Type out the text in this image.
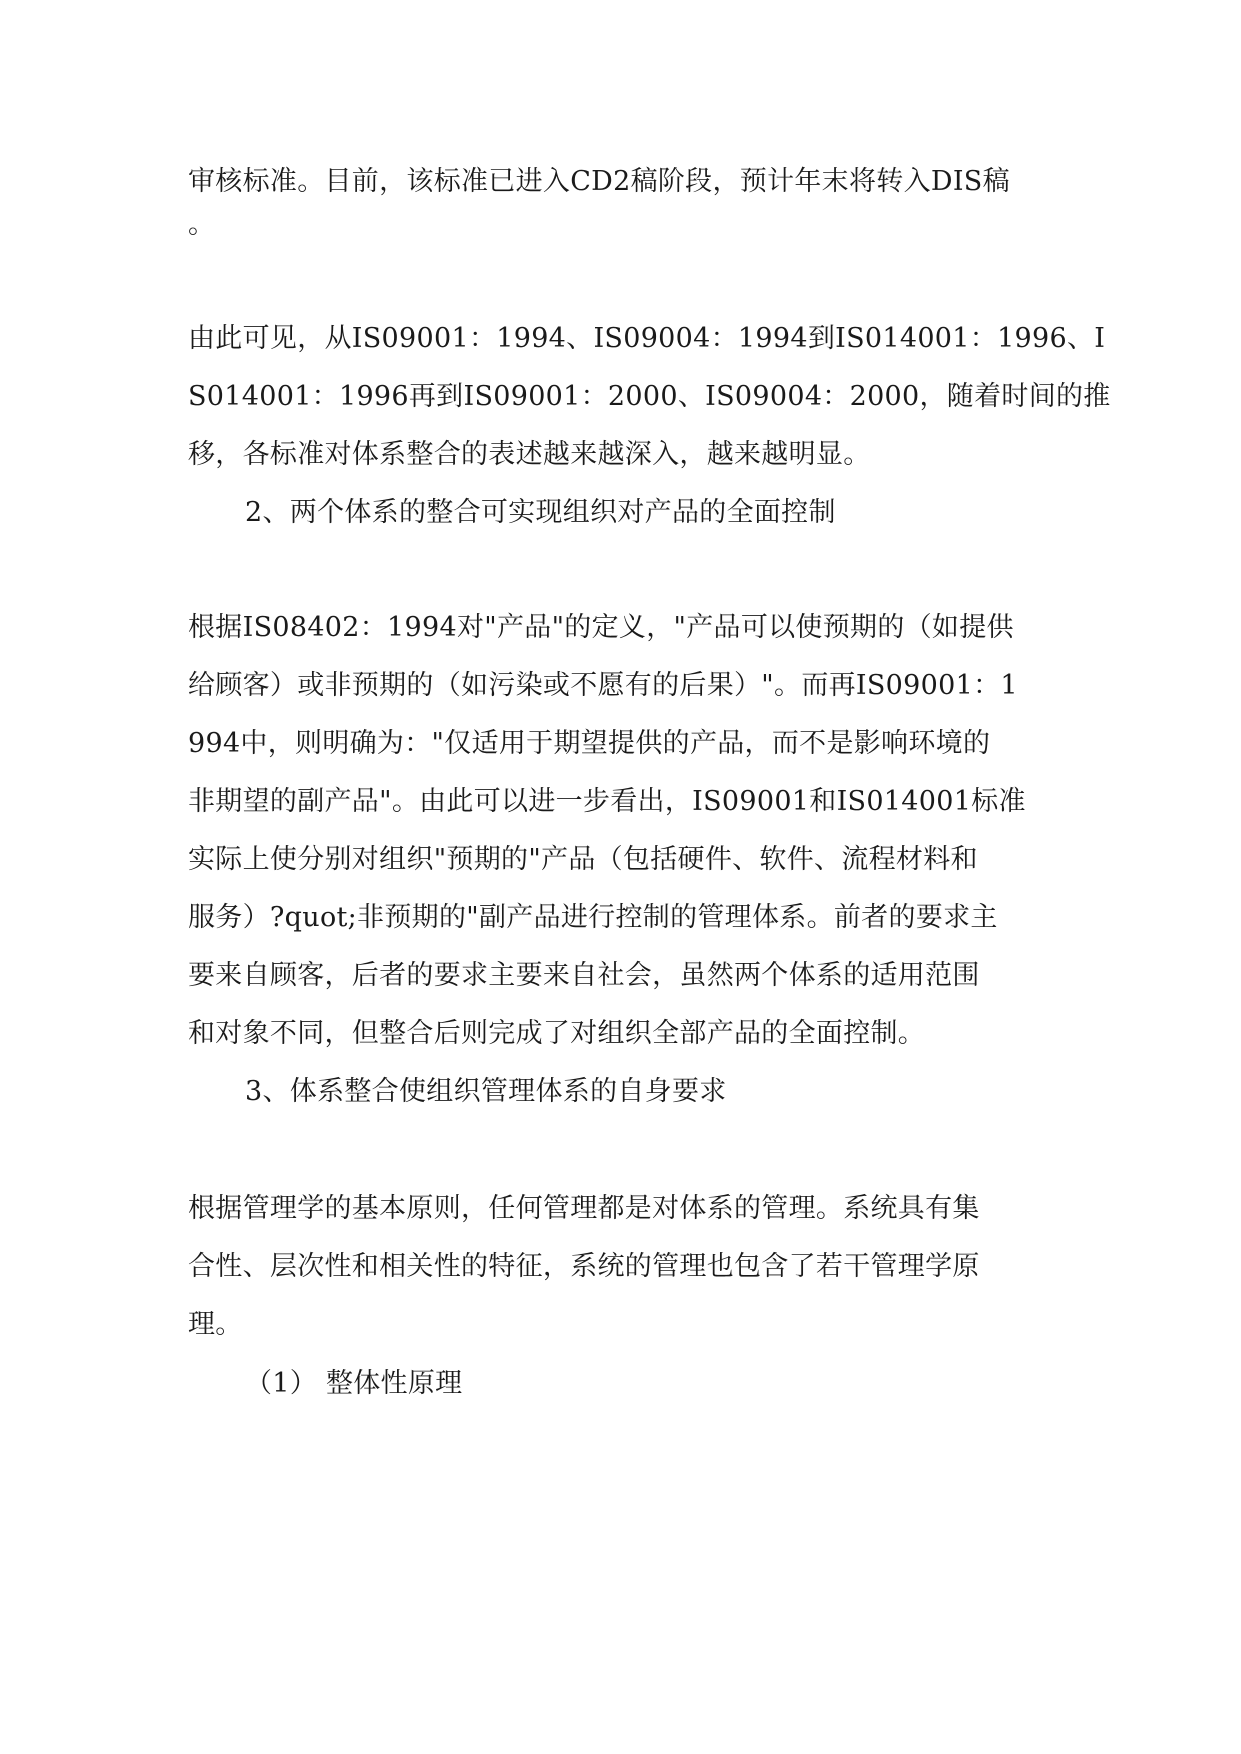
审核标准。目前，该标准已进入CD2稿阶段，预计年末将转入DIS稿
。
由此可见，从IS09001：1994、IS09004：1994到IS014001：1996、I
S014001：1996再到IS09001：2000、IS09004：2000，随着时间的推
移，各标准对体系整合的表述越来越深入，越来越明显。
2、两个体系的整合可实现组织对产品的全面控制
根据IS08402：1994对"产品"的定义，"产品可以使预期的（如提供
给顾客）或非预期的（如污染或不愿有的后果）"。而再IS09001：1
994中，则明确为："仅适用于期望提供的产品，而不是影响环境的
非期望的副产品"。由此可以进一步看出，IS09001和IS014001标准
实际上使分别对组织"预期的"产品（包括硬件、软件、流程材料和
服务）?quot;非预期的"副产品进行控制的管理体系。前者的要求主
要来自顾客，后者的要求主要来自社会，虽然两个体系的适用范围
和对象不同，但整合后则完成了对组织全部产品的全面控制。
3、体系整合使组织管理体系的自身要求
根据管理学的基本原则，任何管理都是对体系的管理。系统具有集
合性、层次性和相关性的特征，系统的管理也包含了若干管理学原
理。
（1） 整体性原理
